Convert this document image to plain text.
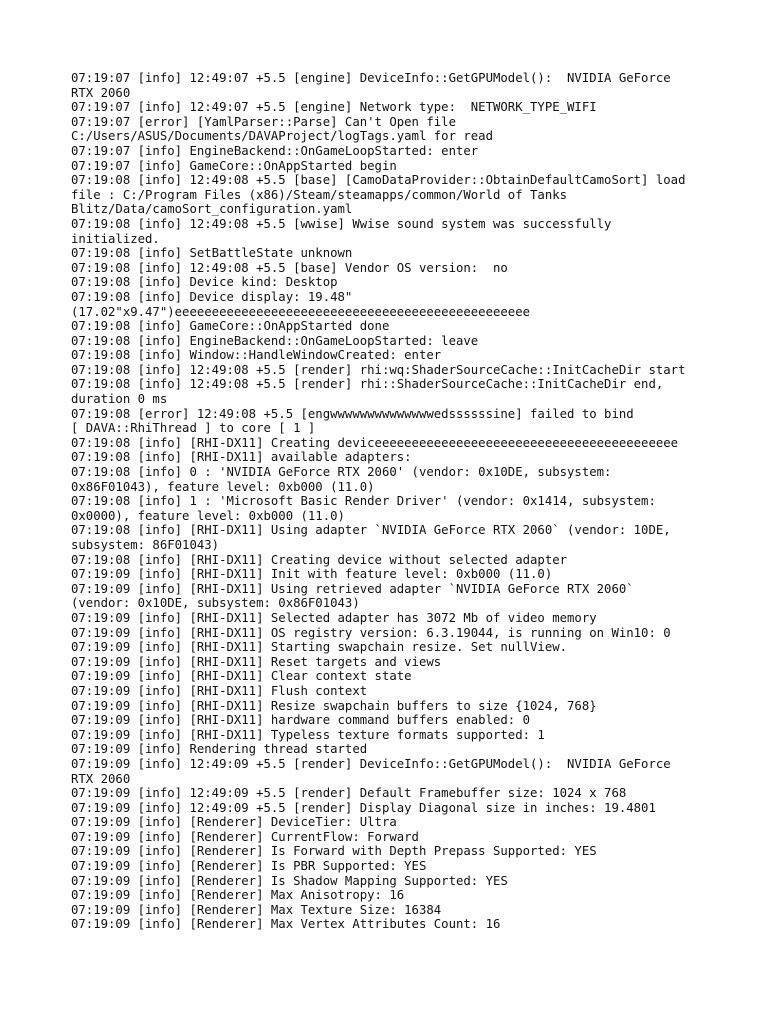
07:19:07 [info] 12:49:07 +5.5 [engine] DeviceInfo::GetGPUModel():  NVIDIA GeForce
RTX 2060
07:19:07 [info] 12:49:07 +5.5 [engine] Network type:  NETWORK_TYPE_WIFI
07:19:07 [error] [YamlParser::Parse] Can't Open file
C:/Users/ASUS/Documents/DAVAProject/logTags.yaml for read
07:19:07 [info] EngineBackend::OnGameLoopStarted: enter
07:19:07 [info] GameCore::OnAppStarted begin
07:19:08 [info] 12:49:08 +5.5 [base] [CamoDataProvider::ObtainDefaultCamoSort] load
file : C:/Program Files (x86)/Steam/steamapps/common/World of Tanks
Blitz/Data/camoSort_configuration.yaml
07:19:08 [info] 12:49:08 +5.5 [wwise] Wwise sound system was successfully
initialized.
07:19:08 [info] SetBattleState unknown
07:19:08 [info] 12:49:08 +5.5 [base] Vendor OS version:  no
07:19:08 [info] Device kind: Desktop
07:19:08 [info] Device display: 19.48"
(17.02"x9.47")eeeeeeeeeeeeeeeeeeeeeeeeeeeeeeeeeeeeeeeeeeeeeeee
07:19:08 [info] GameCore::OnAppStarted done
07:19:08 [info] EngineBackend::OnGameLoopStarted: leave
07:19:08 [info] Window::HandleWindowCreated: enter
07:19:08 [info] 12:49:08 +5.5 [render] rhi:wq:ShaderSourceCache::InitCacheDir start
07:19:08 [info] 12:49:08 +5.5 [render] rhi::ShaderSourceCache::InitCacheDir end,
duration 0 ms
07:19:08 [error] 12:49:08 +5.5 [engwwwwwwwwwwwwwwedssssssine] failed to bind
[ DAVA::RhiThread ] to core [ 1 ]
07:19:08 [info] [RHI-DX11] Creating deviceeeeeeeeeeeeeeeeeeeeeeeeeeeeeeeeeeeeeeeee
07:19:08 [info] [RHI-DX11] available adapters:
07:19:08 [info] 0 : 'NVIDIA GeForce RTX 2060' (vendor: 0x10DE, subsystem:
0x86F01043), feature level: 0xb000 (11.0)
07:19:08 [info] 1 : 'Microsoft Basic Render Driver' (vendor: 0x1414, subsystem:
0x0000), feature level: 0xb000 (11.0)
07:19:08 [info] [RHI-DX11] Using adapter `NVIDIA GeForce RTX 2060` (vendor: 10DE,
subsystem: 86F01043)
07:19:08 [info] [RHI-DX11] Creating device without selected adapter
07:19:09 [info] [RHI-DX11] Init with feature level: 0xb000 (11.0)
07:19:09 [info] [RHI-DX11] Using retrieved adapter `NVIDIA GeForce RTX 2060`
(vendor: 0x10DE, subsystem: 0x86F01043)
07:19:09 [info] [RHI-DX11] Selected adapter has 3072 Mb of video memory
07:19:09 [info] [RHI-DX11] OS registry version: 6.3.19044, is running on Win10: 0
07:19:09 [info] [RHI-DX11] Starting swapchain resize. Set nullView.
07:19:09 [info] [RHI-DX11] Reset targets and views
07:19:09 [info] [RHI-DX11] Clear context state
07:19:09 [info] [RHI-DX11] Flush context
07:19:09 [info] [RHI-DX11] Resize swapchain buffers to size {1024, 768}
07:19:09 [info] [RHI-DX11] hardware command buffers enabled: 0
07:19:09 [info] [RHI-DX11] Typeless texture formats supported: 1
07:19:09 [info] Rendering thread started
07:19:09 [info] 12:49:09 +5.5 [render] DeviceInfo::GetGPUModel():  NVIDIA GeForce
RTX 2060
07:19:09 [info] 12:49:09 +5.5 [render] Default Framebuffer size: 1024 x 768
07:19:09 [info] 12:49:09 +5.5 [render] Display Diagonal size in inches: 19.4801
07:19:09 [info] [Renderer] DeviceTier: Ultra
07:19:09 [info] [Renderer] CurrentFlow: Forward
07:19:09 [info] [Renderer] Is Forward with Depth Prepass Supported: YES
07:19:09 [info] [Renderer] Is PBR Supported: YES
07:19:09 [info] [Renderer] Is Shadow Mapping Supported: YES
07:19:09 [info] [Renderer] Max Anisotropy: 16
07:19:09 [info] [Renderer] Max Texture Size: 16384
07:19:09 [info] [Renderer] Max Vertex Attributes Count: 16
